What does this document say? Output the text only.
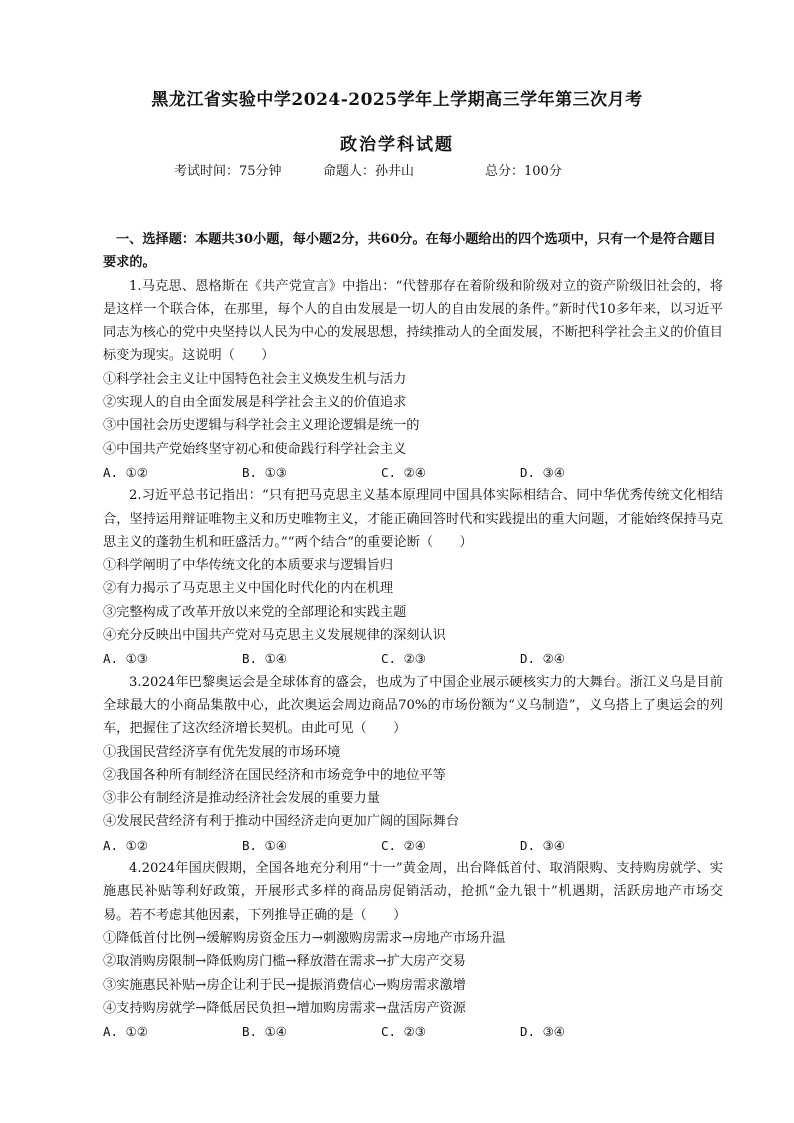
黑龙江省实验中学2024-2025学年上学期高三学年第三次月考
政治学科试题
考试时间：75分钟	命题人：孙井山	总分：100分

一、选择题：本题共30小题，每小题2分，共60分。在每小题给出的四个选项中，只有一个是符合题目要求的。

1.马克思、恩格斯在《共产党宣言》中指出：“代替那存在着阶级和阶级对立的资产阶级旧社会的，将是这样一个联合体，在那里，每个人的自由发展是一切人的自由发展的条件。”新时代10多年来，以习近平同志为核心的党中央坚持以人民为中心的发展思想，持续推动人的全面发展，不断把科学社会主义的价值目标变为现实。这说明（　　）

①科学社会主义让中国特色社会主义焕发生机与活力

②实现人的自由全面发展是科学社会主义的价值追求

③中国社会历史逻辑与科学社会主义理论逻辑是统一的

④中国共产党始终坚守初心和使命践行科学社会主义

A. ①②	B. ①③	C. ②④	D. ③④

2.习近平总书记指出：“只有把马克思主义基本原理同中国具体实际相结合、同中华优秀传统文化相结合，坚持运用辩证唯物主义和历史唯物主义，才能正确回答时代和实践提出的重大问题，才能始终保持马克思主义的蓬勃生机和旺盛活力。”“两个结合”的重要论断（　　）

①科学阐明了中华传统文化的本质要求与逻辑旨归

②有力揭示了马克思主义中国化时代化的内在机理

③完整构成了改革开放以来党的全部理论和实践主题

④充分反映出中国共产党对马克思主义发展规律的深刻认识

A. ①③	B. ①④	C. ②③	D. ②④

3.2024年巴黎奥运会是全球体育的盛会，也成为了中国企业展示硬核实力的大舞台。浙江义乌是目前全球最大的小商品集散中心，此次奥运会周边商品70%的市场份额为“义乌制造”，义乌搭上了奥运会的列车，把握住了这次经济增长契机。由此可见（　　）

①我国民营经济享有优先发展的市场环境

②我国各种所有制经济在国民经济和市场竞争中的地位平等

③非公有制经济是推动经济社会发展的重要力量

④发展民营经济有利于推动中国经济走向更加广阔的国际舞台

A. ①②	B. ①④	C. ②④	D. ③④

4.2024年国庆假期，全国各地充分利用“十一”黄金周，出台降低首付、取消限购、支持购房就学、实施惠民补贴等利好政策，开展形式多样的商品房促销活动，抢抓“金九银十”机遇期，活跃房地产市场交易。若不考虑其他因素，下列推导正确的是（　　）

①降低首付比例→缓解购房资金压力→刺激购房需求→房地产市场升温

②取消购房限制→降低购房门槛→释放潜在需求→扩大房产交易

③实施惠民补贴→房企让利于民→提振消费信心→购房需求激增

④支持购房就学→降低居民负担→增加购房需求→盘活房产资源

A. ①②	B. ①④	C. ②③	D. ③④
